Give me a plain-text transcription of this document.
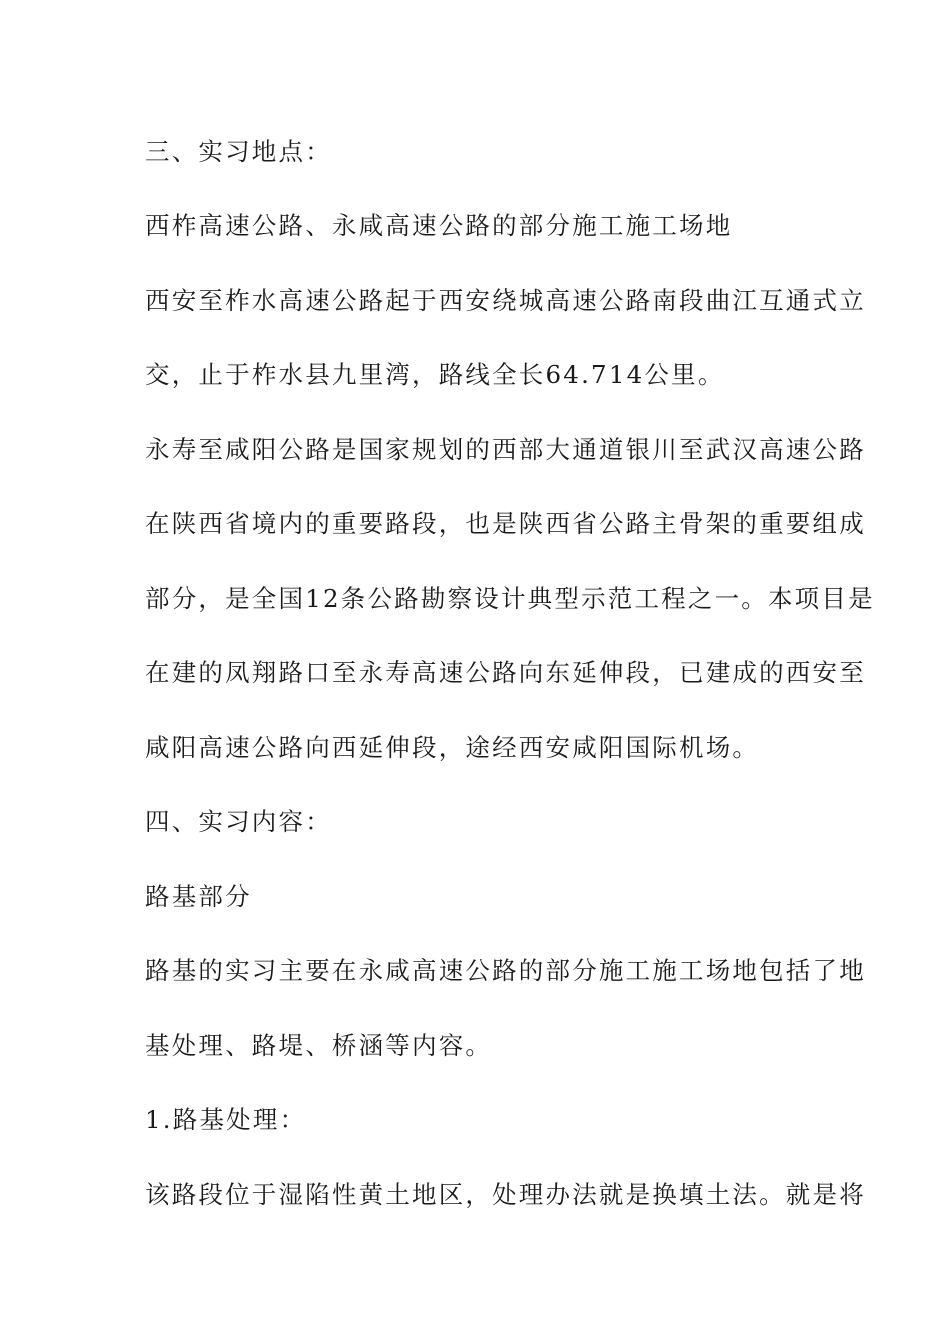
三、实习地点：
西柞高速公路、永咸高速公路的部分施工施工场地
西安至柞水高速公路起于西安绕城高速公路南段曲江互通式立
交，止于柞水县九里湾，路线全长64.714公里。
永寿至咸阳公路是国家规划的西部大通道银川至武汉高速公路
在陕西省境内的重要路段，也是陕西省公路主骨架的重要组成
部分，是全国12条公路勘察设计典型示范工程之一。本项目是
在建的凤翔路口至永寿高速公路向东延伸段，已建成的西安至
咸阳高速公路向西延伸段，途经西安咸阳国际机场。
四、实习内容：
路基部分
路基的实习主要在永咸高速公路的部分施工施工场地包括了地
基处理、路堤、桥涵等内容。
1.路基处理：
该路段位于湿陷性黄土地区，处理办法就是换填土法。就是将
